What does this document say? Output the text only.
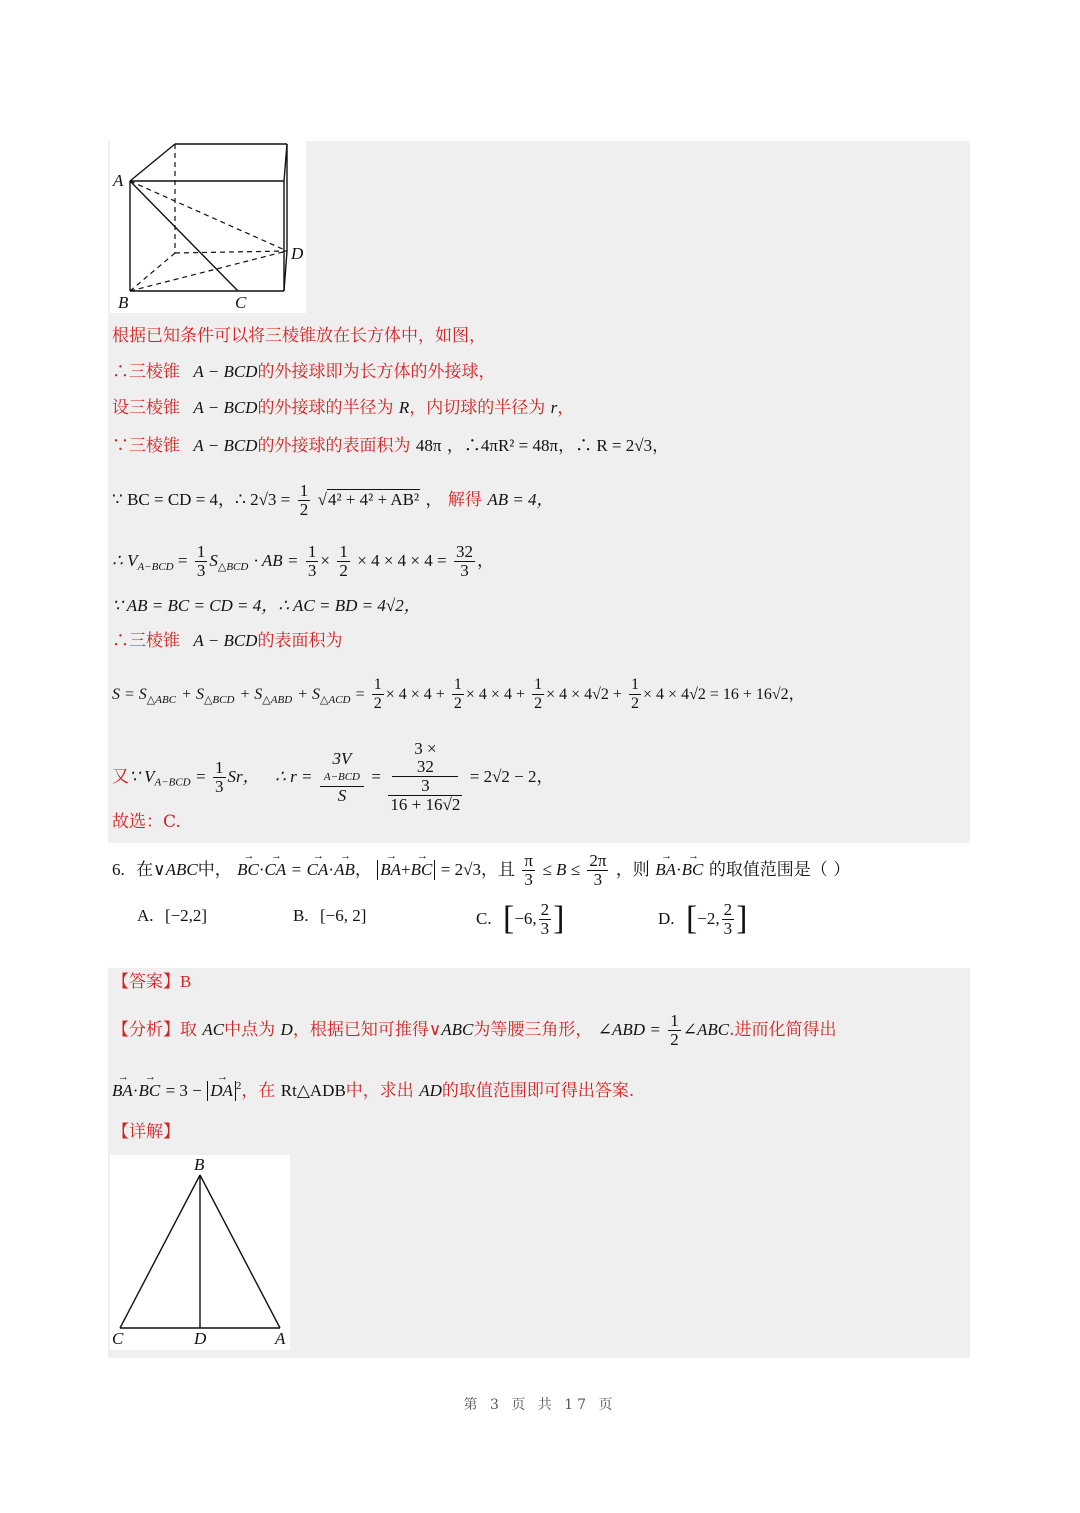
A
B	C
D
根据已知条件可以将三棱锥放在长方体中，如图，
∴三棱锥 A − BCD的外接球即为长方体的外接球，
设三棱锥 A − BCD的外接球的半径为 R，内切球的半径为 r，
∵三棱锥 A − BCD的外接球的表面积为 48π ，∴4πR² = 48π，∴ R = 2√3，
∵ BC = CD = 4，∴ $2√3 = \frac{1}{2} √4^2 + 4^2 + AB^2$ ， 解得 AB = 4，
∴ $V_{A-BCD} = \frac{1}{3} S_{\triangle BCD}$ · AB = $\frac{1}{3} \times \frac{1}{2} \times 4 \times 4 \times 4 = \frac{32}{3}$ ，
∵ AB = BC = CD = 4，∴ AC = BD = 4√2，
∴三棱锥 A − BCD的表面积为
$S = S_{\triangle ABC} + S_{\triangle BCD} + S_{\triangle ABD} + S_{\triangle ACD} = \frac{1}{2} \times 4 \times 4 + \frac{1}{2} \times 4 \times 4 + \frac{1}{2} \times 4 \times 4√2 + \frac{1}{2} \times 4 \times 4√2 = 16 + 16√2$，
又∵ $V_{A-BCD} = \frac{1}{3}$ Sr， ∴ r = 3V
A−BCD
S = 3 ×
32
3
16 + 16√2 = 2√2 − 2，
故选：C.
6. 在∨ABC中， → BC·→ CA = → CA·→ AB， → BA+→ BC = 2√3，且 $\frac{\pi}{3} \le B \le \frac{2\pi}{3}$ ，则 → BA·→ BC 的取值范围是（ ）
A. [−2,2]	B. [−6, 2]	C. [−6, $\frac{2}{3}$ ]	D. [−2, $\frac{2}{3}$ ]
【答案】B
【分析】取 AC中点为 D，根据已知可推得∨ABC为等腰三角形， ∠ABD = $\frac{1}{2}$ ∠ABC.进而化简得出
→ BA·→ BC = 3 − → DA $^2$，在 Rt△ADB中，求出 AD的取值范围即可得出答案.
【详解】
B
C	D	A
第 3 页 共 17 页
